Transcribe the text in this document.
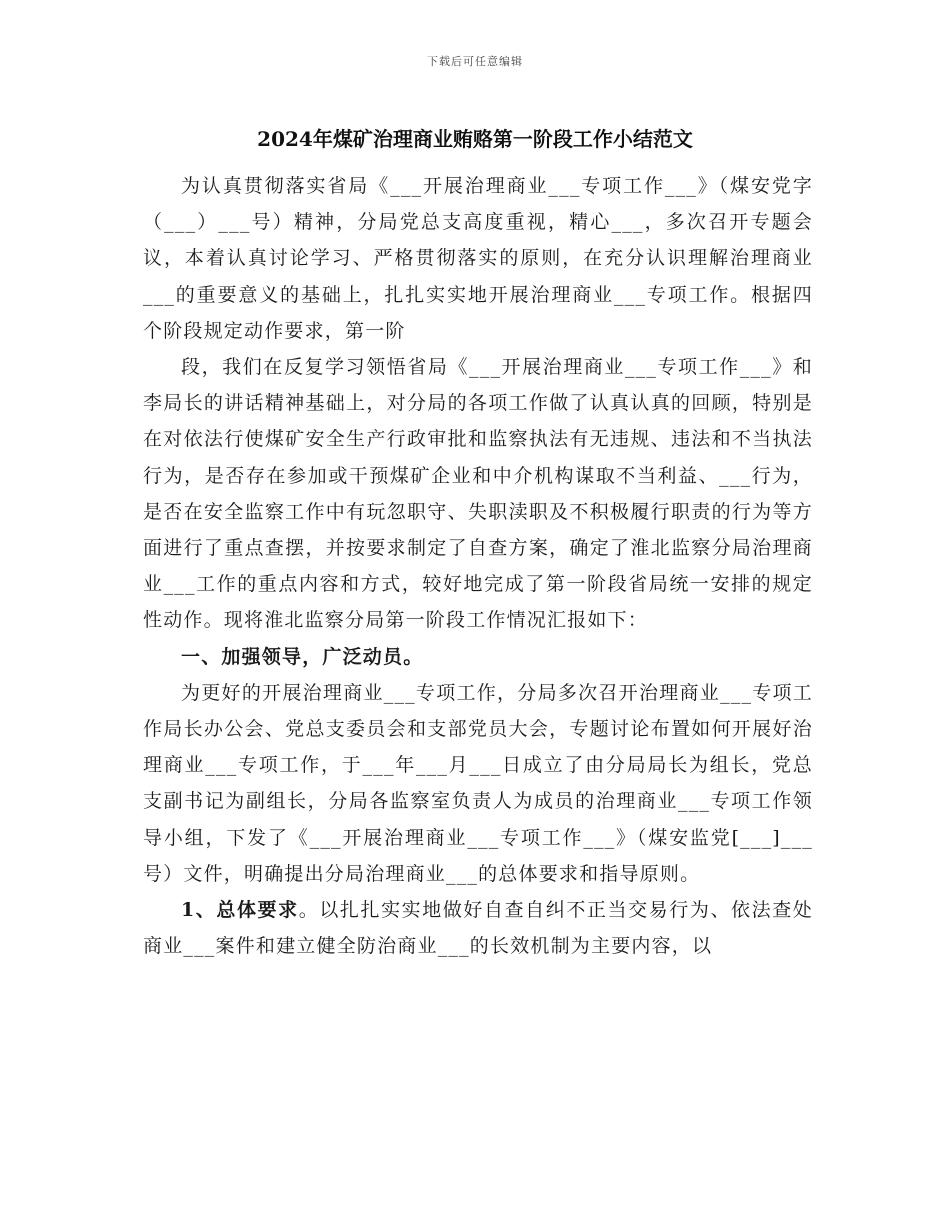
下载后可任意编辑
2024年煤矿治理商业贿赂第一阶段工作小结范文

为认真贯彻落实省局《___开展治理商业___专项工作___》（煤安党字（___）___号）精神，分局党总支高度重视，精心___，多次召开专题会议，本着认真讨论学习、严格贯彻落实的原则，在充分认识理解治理商业___的重要意义的基础上，扎扎实实地开展治理商业___专项工作。根据四个阶段规定动作要求，第一阶

段，我们在反复学习领悟省局《___开展治理商业___专项工作___》和李局长的讲话精神基础上，对分局的各项工作做了认真认真的回顾，特别是在对依法行使煤矿安全生产行政审批和监察执法有无违规、违法和不当执法行为，是否存在参加或干预煤矿企业和中介机构谋取不当利益、___行为，是否在安全监察工作中有玩忽职守、失职渎职及不积极履行职责的行为等方面进行了重点查摆，并按要求制定了自查方案，确定了淮北监察分局治理商业___工作的重点内容和方式，较好地完成了第一阶段省局统一安排的规定性动作。现将淮北监察分局第一阶段工作情况汇报如下：

一、加强领导，广泛动员。

为更好的开展治理商业___专项工作，分局多次召开治理商业___专项工作局长办公会、党总支委员会和支部党员大会，专题讨论布置如何开展好治理商业___专项工作，于___年___月___日成立了由分局局长为组长，党总支副书记为副组长，分局各监察室负责人为成员的治理商业___专项工作领导小组，下发了《___开展治理商业___专项工作___》（煤安监党[___]___号）文件，明确提出分局治理商业___的总体要求和指导原则。

1、总体要求。以扎扎实实地做好自查自纠不正当交易行为、依法查处商业___案件和建立健全防治商业___的长效机制为主要内容，以
